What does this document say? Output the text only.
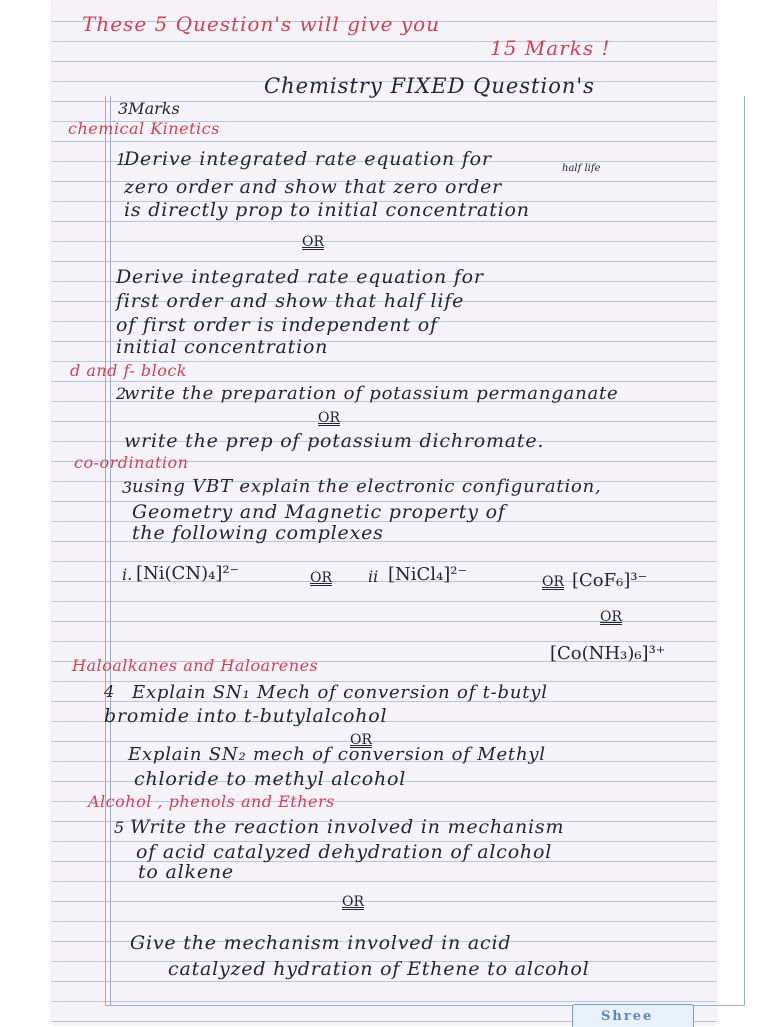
These 5 Question's will give you
15 Marks !
Chemistry FIXED Question's
3Marks
chemical Kinetics
1
Derive integrated rate equation for	half life
zero order and show that zero order
is directly prop to initial concentration
OR
Derive integrated rate equation for
first order and show that half life
of first order is independent of
initial concentration
d and f- block
2
write the preparation of potassium permanganate
OR
write the prep of potassium dichromate.
co-ordination
3 using VBT explain the electronic configuration,
Geometry and Magnetic property of
the following complexes
i. [Ni(CN)₄]²⁻	OR ii [NiCl₄]²⁻	OR [CoF₆]³⁻
OR
[Co(NH₃)₆]³⁺
Haloalkanes and Haloarenes
4 Explain SN₁ Mech of conversion of t-butyl
bromide into t-butylalcohol
OR
Explain SN₂ mech of conversion of Methyl
chloride to methyl alcohol
Alcohol , phenols and Ethers
5 Write the reaction involved in mechanism
of acid catalyzed dehydration of alcohol
to alkene
OR
Give the mechanism involved in acid
catalyzed hydration of Ethene to alcohol
Shree
